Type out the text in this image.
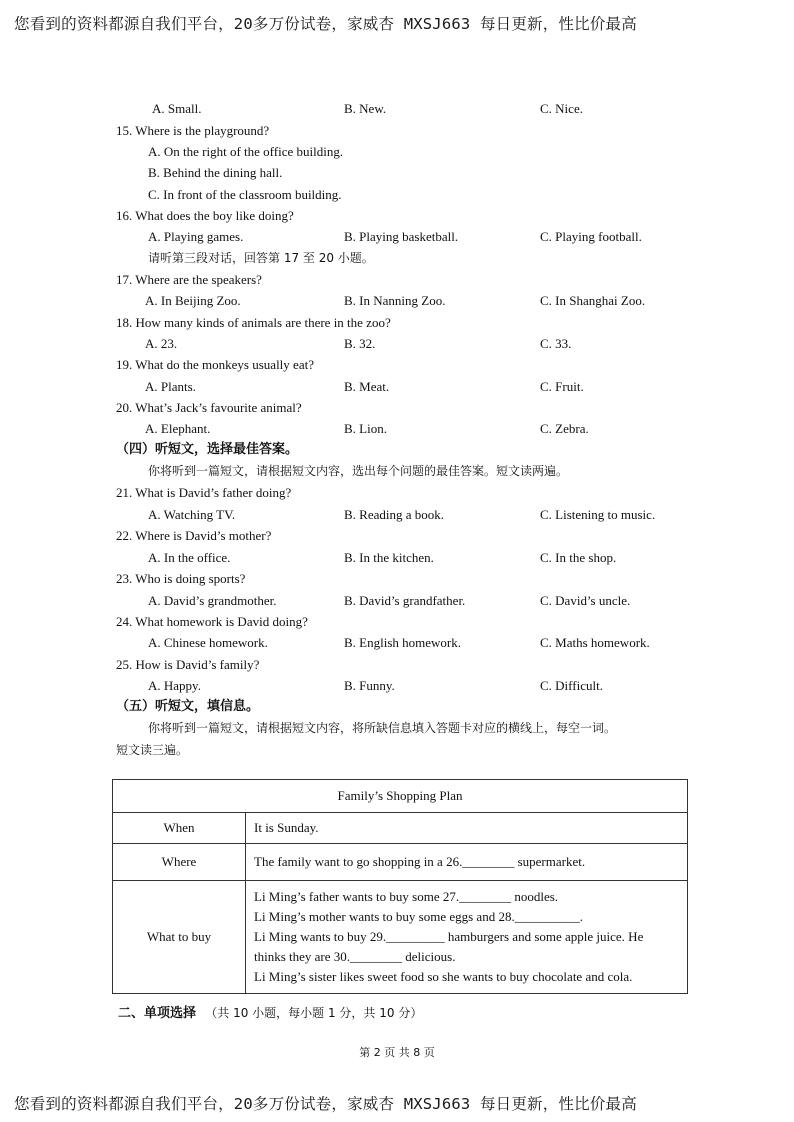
您看到的资料都源自我们平台，20多万份试卷，家威杏 MXSJ663 每日更新，性比价最高
A. Small.	B. New.	C. Nice.
15. Where is the playground?
A. On the right of the office building.
B. Behind the dining hall.
C. In front of the classroom building.
16. What does the boy like doing?
A. Playing games.	B. Playing basketball.	C. Playing football.
请听第三段对话，回答第 17 至 20 小题。
17. Where are the speakers?
A. In Beijing Zoo.	B. In Nanning Zoo.	C. In Shanghai Zoo.
18. How many kinds of animals are there in the zoo?
A. 23.	B. 32.	C. 33.
19. What do the monkeys usually eat?
A. Plants.	B. Meat.	C. Fruit.
20. What’s Jack’s favourite animal?
A. Elephant.	B. Lion.	C. Zebra.
（四）听短文，选择最佳答案。
你将听到一篇短文，请根据短文内容，选出每个问题的最佳答案。短文读两遍。
21. What is David’s father doing?
A. Watching TV.	B. Reading a book.	C. Listening to music.
22. Where is David’s mother?
A. In the office.	B. In the kitchen.	C. In the shop.
23. Who is doing sports?
A. David’s grandmother.	B. David’s grandfather.	C. David’s uncle.
24. What homework is David doing?
A. Chinese homework.	B. English homework.	C. Maths homework.
25. How is David’s family?
A. Happy.	B. Funny.	C. Difficult.
（五）听短文，填信息。
你将听到一篇短文，请根据短文内容，将所缺信息填入答题卡对应的横线上，每空一词。
短文读三遍。
Family’s Shopping Plan	
When	It is Sunday.
Where	The family want to go shopping in a 26.________ supermarket.
What to buy	Li Ming’s father wants to buy some 27.________ noodles.
Li Ming’s mother wants to buy some eggs and 28.__________.
Li Ming wants to buy 29._________ hamburgers and some apple juice. He
thinks they are 30.________ delicious.
Li Ming’s sister likes sweet food so she wants to buy chocolate and cola.
二、单项选择 （共 10 小题，每小题 1 分，共 10 分）
第 2 页 共 8 页
您看到的资料都源自我们平台，20多万份试卷，家威杏 MXSJ663 每日更新，性比价最高
